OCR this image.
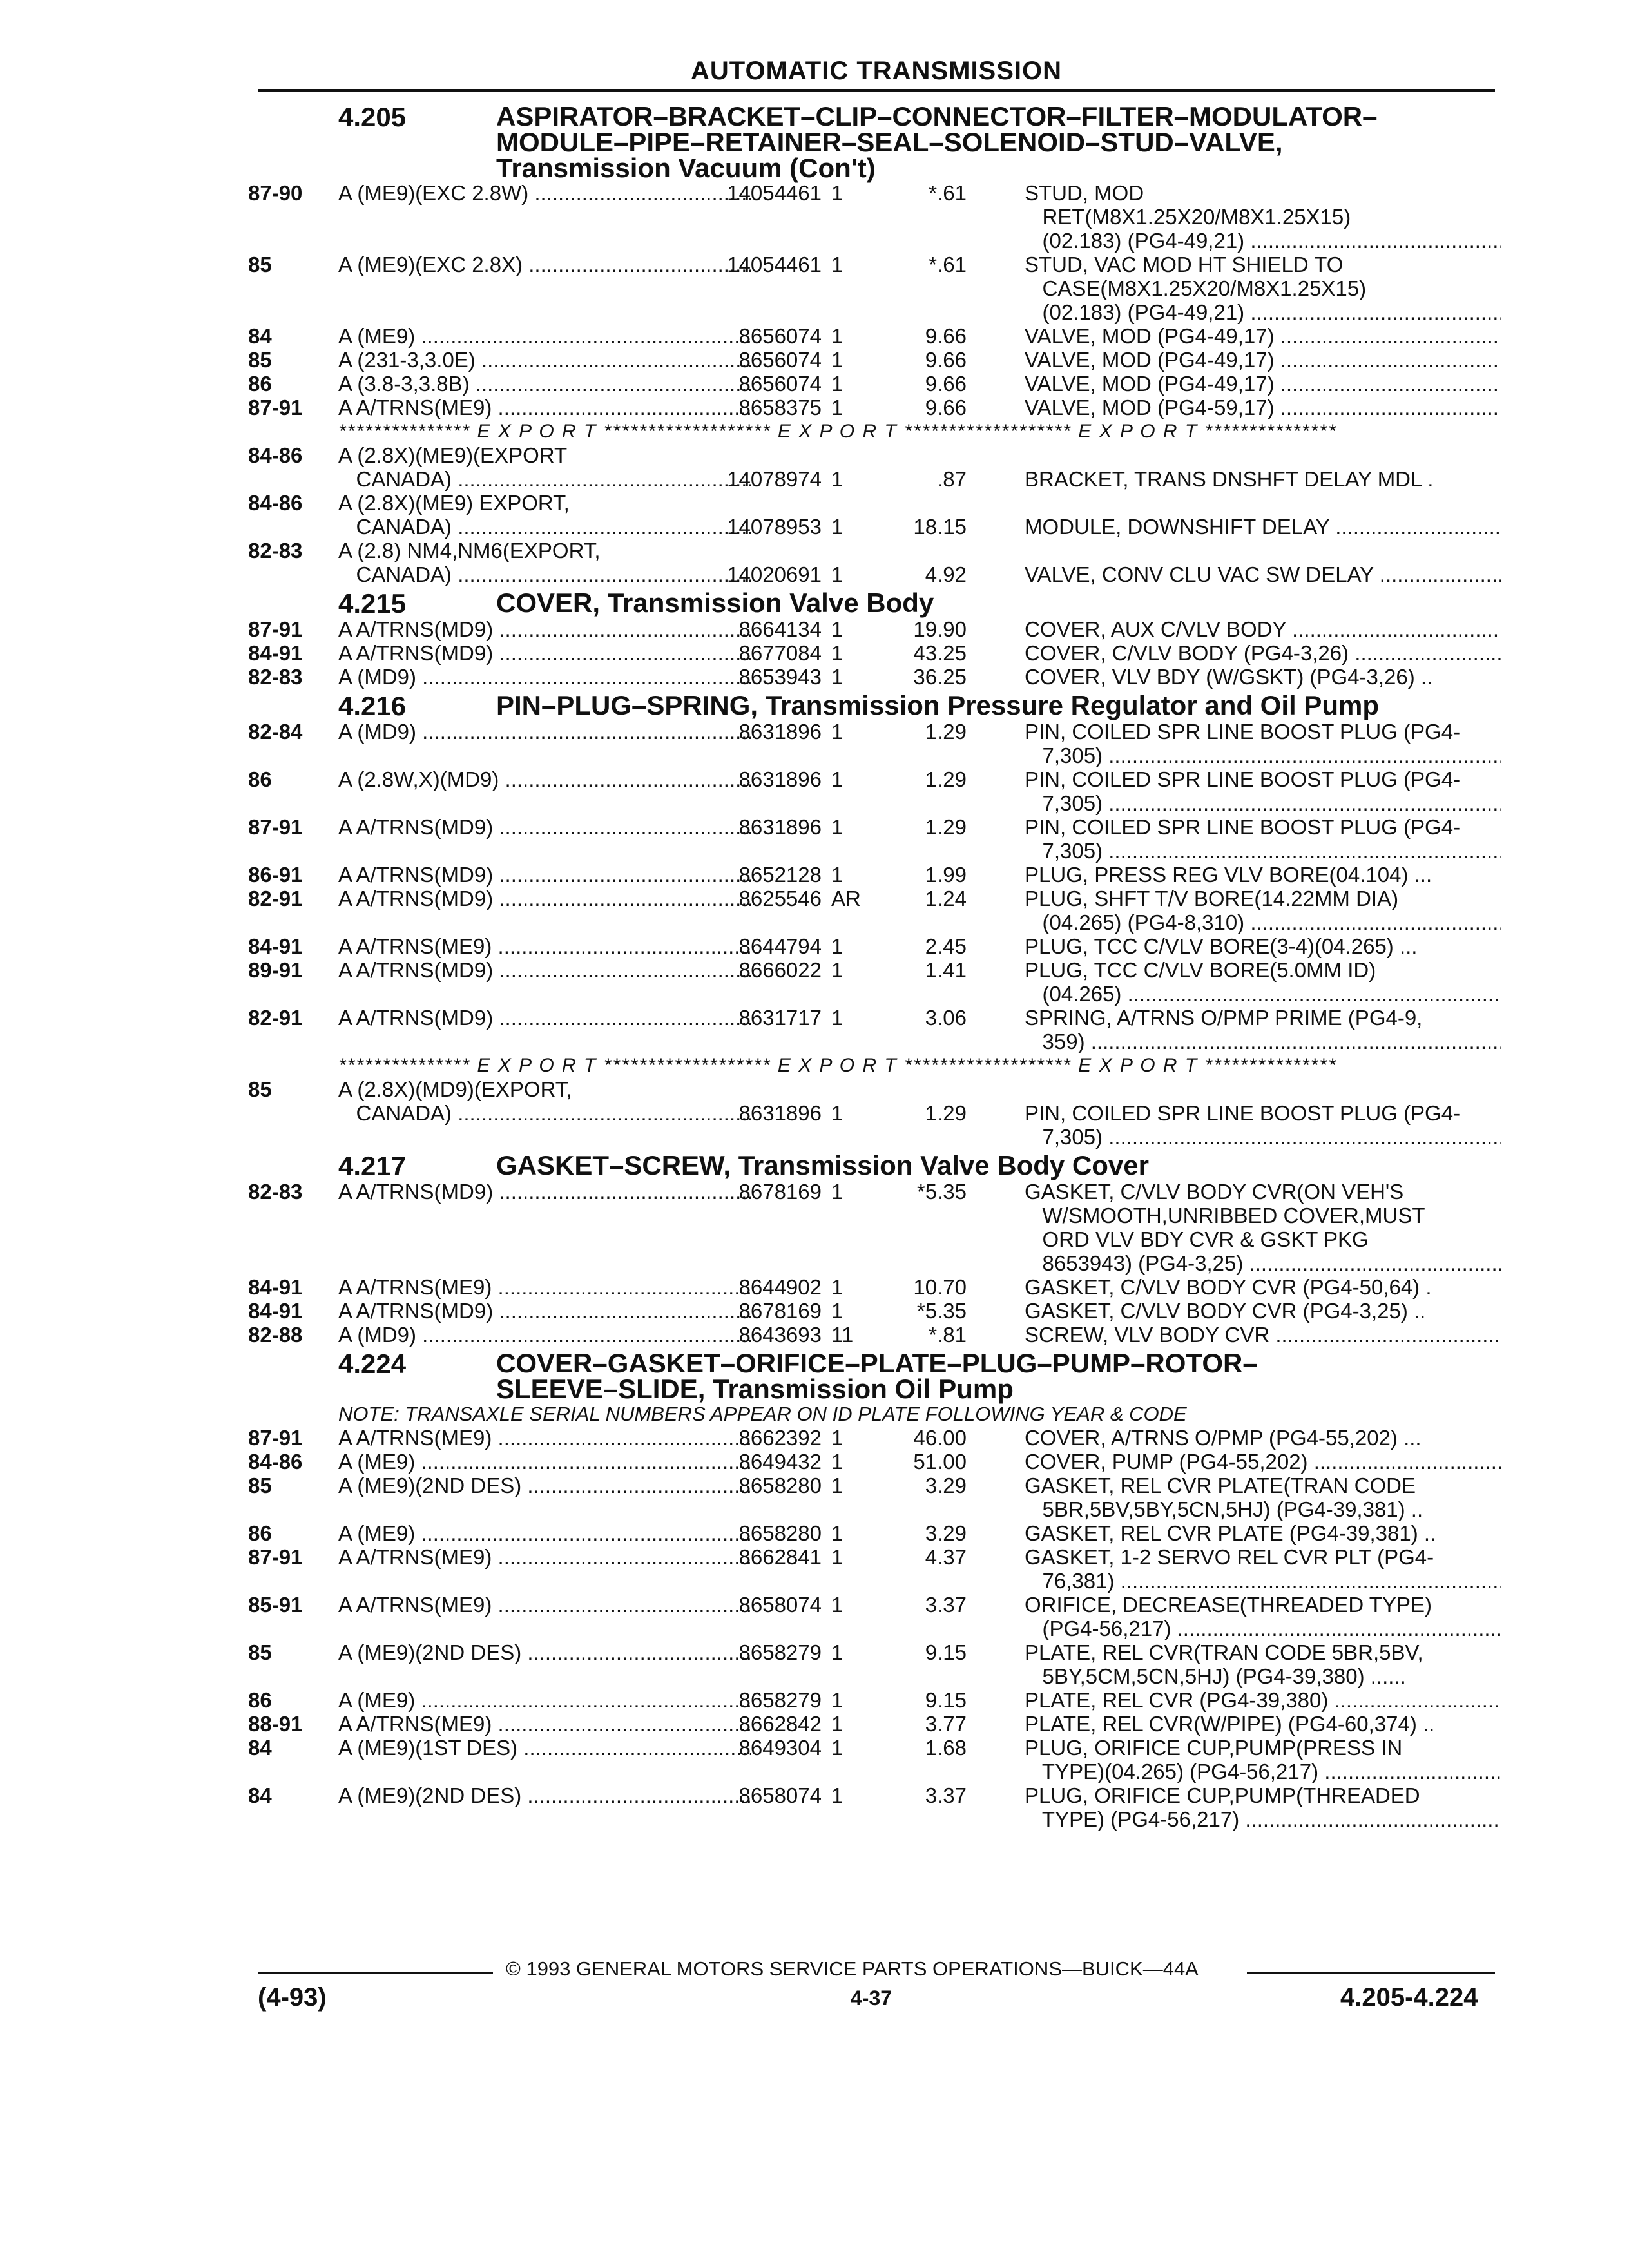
AUTOMATIC TRANSMISSION
4.205	ASPIRATOR–BRACKET–CLIP–CONNECTOR–FILTER–MODULATOR–
MODULE–PIPE–RETAINER–SEAL–SOLENOID–STUD–VALVE,
Transmission Vacuum (Con't)
87-90 A (ME9)(EXC 2.8W) .....	14054461 1	*.61	STUD, MOD
RET(M8X1.25X20/M8X1.25X15)
(02.183) (PG4-49,21) .....
85	A (ME9)(EXC 2.8X) .....	14054461 1	*.61	STUD, VAC MOD HT SHIELD TO
CASE(M8X1.25X20/M8X1.25X15)
(02.183) (PG4-49,21) .....
84	A (ME9) .....	8656074 1	9.66	VALVE, MOD (PG4-49,17) .....
85	A (231-3,3.0E) .....	8656074 1	9.66	VALVE, MOD (PG4-49,17) .....
86	A (3.8-3,3.8B) .....	8656074 1	9.66	VALVE, MOD (PG4-49,17) .....
87-91 A A/TRNS(ME9) .....	8658375 1	9.66	VALVE, MOD (PG4-59,17) .....
*************** E X P O R T ******************* E X P O R T ******************* E X P O R T ***************
84-86 A (2.8X)(ME9)(EXPORT
CANADA) .....	14078974 1	.87	BRACKET, TRANS DNSHFT DELAY MDL .
84-86 A (2.8X)(ME9) EXPORT,
CANADA) .....	14078953 1	18.15	MODULE, DOWNSHIFT DELAY .....
82-83 A (2.8) NM4,NM6(EXPORT,
CANADA) .....	14020691 1	4.92	VALVE, CONV CLU VAC SW DELAY .....
4.215	COVER, Transmission Valve Body
87-91 A A/TRNS(MD9) .....	8664134 1	19.90	COVER, AUX C/VLV BODY .....
84-91 A A/TRNS(MD9) .....	8677084 1	43.25	COVER, C/VLV BODY (PG4-3,26) .....
82-83 A (MD9) .....	8653943 1	36.25	COVER, VLV BDY (W/GSKT) (PG4-3,26) ..
4.216	PIN–PLUG–SPRING, Transmission Pressure Regulator and Oil Pump
82-84 A (MD9) .....	8631896 1	1.29	PIN, COILED SPR LINE BOOST PLUG (PG4-
7,305) .....
86	A (2.8W,X)(MD9) .....	8631896 1	1.29	PIN, COILED SPR LINE BOOST PLUG (PG4-
7,305) .....
87-91 A A/TRNS(MD9) .....	8631896 1	1.29	PIN, COILED SPR LINE BOOST PLUG (PG4-
7,305) .....
86-91 A A/TRNS(MD9) .....	8652128 1	1.99	PLUG, PRESS REG VLV BORE(04.104) ...
82-91 A A/TRNS(MD9) .....	8625546 AR	1.24	PLUG, SHFT T/V BORE(14.22MM DIA)
(04.265) (PG4-8,310) .....
84-91 A A/TRNS(ME9) .....	8644794 1	2.45	PLUG, TCC C/VLV BORE(3-4)(04.265) ...
89-91 A A/TRNS(MD9) .....	8666022 1	1.41	PLUG, TCC C/VLV BORE(5.0MM ID)
(04.265) .....
82-91 A A/TRNS(MD9) .....	8631717 1	3.06	SPRING, A/TRNS O/PMP PRIME (PG4-9,
359) .....
*************** E X P O R T ******************* E X P O R T ******************* E X P O R T ***************
85	A (2.8X)(MD9)(EXPORT,
CANADA) .....	8631896 1	1.29	PIN, COILED SPR LINE BOOST PLUG (PG4-
7,305) .....
4.217	GASKET–SCREW, Transmission Valve Body Cover
82-83 A A/TRNS(MD9) .....	8678169 1	*5.35	GASKET, C/VLV BODY CVR(ON VEH'S
W/SMOOTH,UNRIBBED COVER,MUST
ORD VLV BDY CVR & GSKT PKG
8653943) (PG4-3,25) .....
84-91 A A/TRNS(ME9) .....	8644902 1	10.70	GASKET, C/VLV BODY CVR (PG4-50,64) .
84-91 A A/TRNS(MD9) .....	8678169 1	*5.35	GASKET, C/VLV BODY CVR (PG4-3,25) ..
82-88 A (MD9) .....	8643693 11	*.81	SCREW, VLV BODY CVR .....
4.224	COVER–GASKET–ORIFICE–PLATE–PLUG–PUMP–ROTOR–
SLEEVE–SLIDE, Transmission Oil Pump
NOTE: TRANSAXLE SERIAL NUMBERS APPEAR ON ID PLATE FOLLOWING YEAR & CODE
87-91 A A/TRNS(ME9) .....	8662392 1	46.00	COVER, A/TRNS O/PMP (PG4-55,202) ...
84-86 A (ME9) .....	8649432 1	51.00	COVER, PUMP (PG4-55,202) .....
85	A (ME9)(2ND DES) .....	8658280 1	3.29	GASKET, REL CVR PLATE(TRAN CODE
5BR,5BV,5BY,5CN,5HJ) (PG4-39,381) ..
86	A (ME9) .....	8658280 1	3.29	GASKET, REL CVR PLATE (PG4-39,381) ..
87-91 A A/TRNS(ME9) .....	8662841 1	4.37	GASKET, 1-2 SERVO REL CVR PLT (PG4-
76,381) .....
85-91 A A/TRNS(ME9) .....	8658074 1	3.37	ORIFICE, DECREASE(THREADED TYPE)
(PG4-56,217) .....
85	A (ME9)(2ND DES) .....	8658279 1	9.15	PLATE, REL CVR(TRAN CODE 5BR,5BV,
5BY,5CM,5CN,5HJ) (PG4-39,380) ......
86	A (ME9) .....	8658279 1	9.15	PLATE, REL CVR (PG4-39,380) .....
88-91 A A/TRNS(ME9) .....	8662842 1	3.77	PLATE, REL CVR(W/PIPE) (PG4-60,374) ..
84	A (ME9)(1ST DES) .....	8649304 1	1.68	PLUG, ORIFICE CUP,PUMP(PRESS IN
TYPE)(04.265) (PG4-56,217) .....
84	A (ME9)(2ND DES) .....	8658074 1	3.37	PLUG, ORIFICE CUP,PUMP(THREADED
TYPE) (PG4-56,217) .....
© 1993 GENERAL MOTORS SERVICE PARTS OPERATIONS—BUICK—44A
(4-93)	4-37	4.205-4.224
